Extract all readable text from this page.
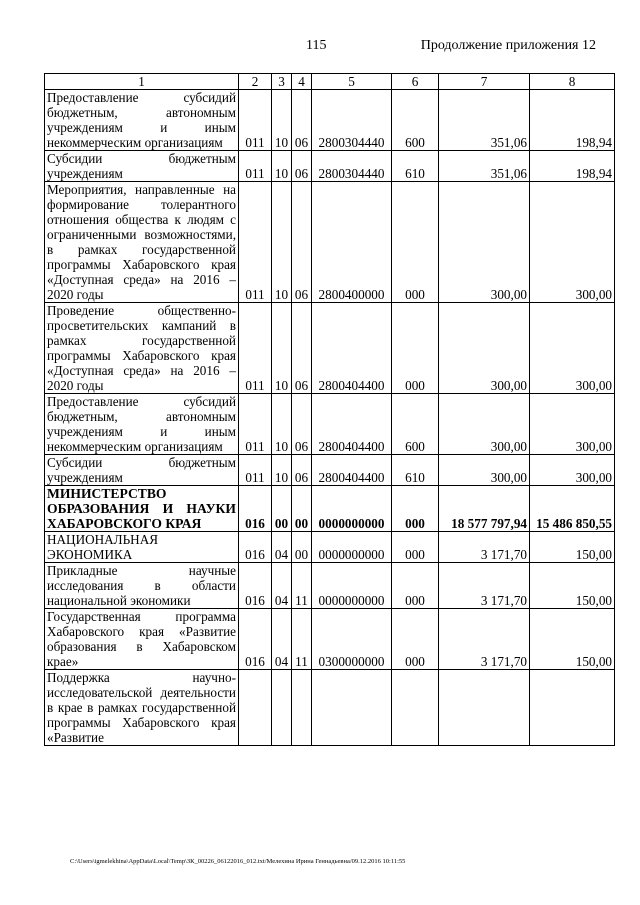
115	Продолжение приложения 12
1	2	3	4	5	6	7	8
Предоставление субсидий бюджетным, автономным учреждениям и иным некоммерческим организациям	011	10	06	2800304440	600	351,06	198,94
Субсидии бюджетным учреждениям	011	10	06	2800304440	610	351,06	198,94
Мероприятия, направленные на формирование толерантного отношения общества к людям с ограниченными возможностями, в рамках государственной программы Хабаровского края «Доступная среда» на 2016 – 2020 годы	011	10	06	2800400000	000	300,00	300,00
Проведение общественно-просветительских кампаний в рамках государственной программы Хабаровского края «Доступная среда» на 2016 – 2020 годы	011	10	06	2800404400	000	300,00	300,00
Предоставление субсидий бюджетным, автономным учреждениям и иным некоммерческим организациям	011	10	06	2800404400	600	300,00	300,00
Субсидии бюджетным учреждениям	011	10	06	2800404400	610	300,00	300,00
МИНИСТЕРСТВО ОБРАЗОВАНИЯ И НАУКИ ХАБАРОВСКОГО КРАЯ	016	00	00	0000000000	000	18 577 797,94	15 486 850,55
НАЦИОНАЛЬНАЯ ЭКОНОМИКА	016	04	00	0000000000	000	3 171,70	150,00
Прикладные научные исследования в области национальной экономики	016	04	11	0000000000	000	3 171,70	150,00
Государственная программа Хабаровского края «Развитие образования в Хабаровском крае»	016	04	11	0300000000	000	3 171,70	150,00
Поддержка научно-исследовательской деятельности в крае в рамках государственной программы Хабаровского края «Развитие							
C:\Users\igmelekhina\AppData\Local\Temp\ЗК_00226_06122016_012.txt/Мелехина Ирина Геннадьевна/09.12.2016 10:11:55
